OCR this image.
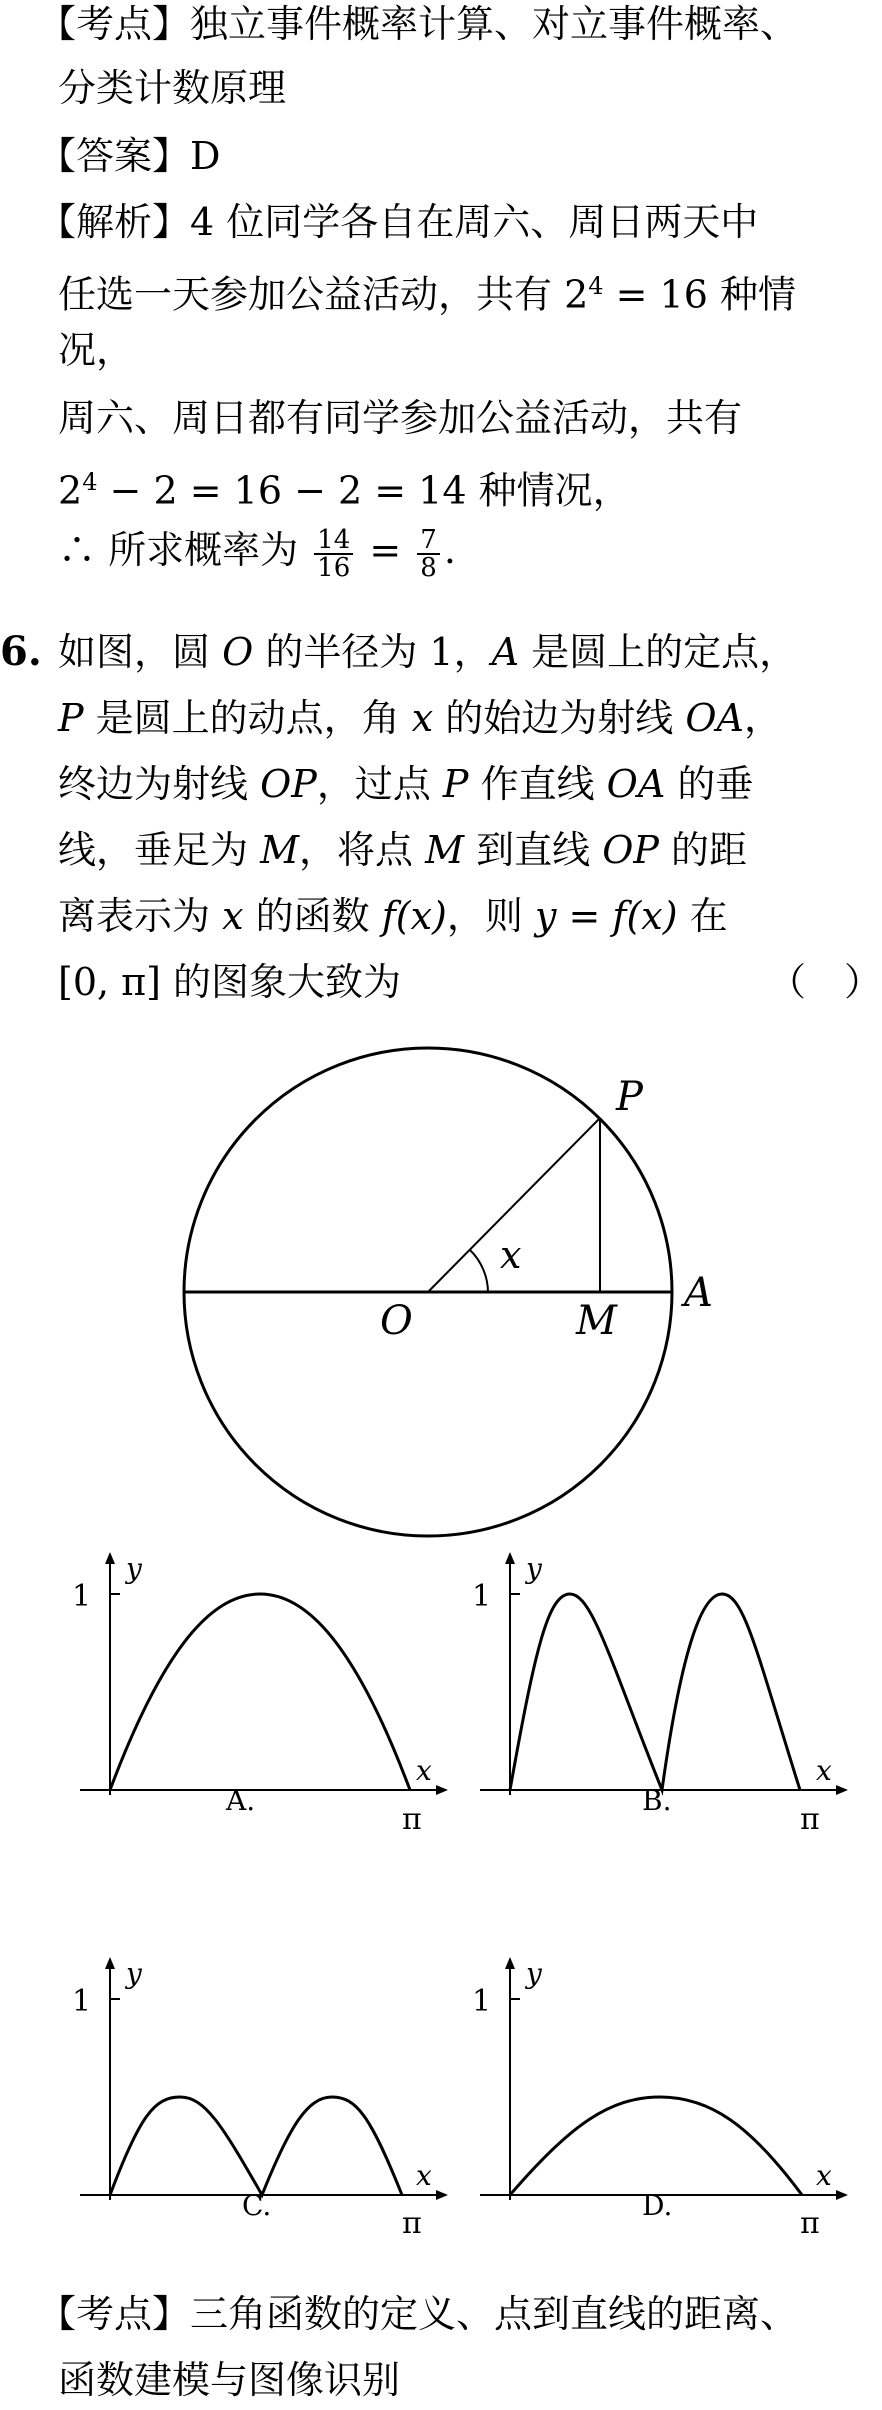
【考点】独立事件概率计算、对立事件概率、
分类计数原理
【答案】D
【解析】4 位同学各自在周六、周日两天中
任选一天参加公益活动，共有 $2^4 = 16$ 种情
况，
周六、周日都有同学参加公益活动，共有
$2^4 - 2 = 16 - 2 = 14$ 种情况，
∴ 所求概率为 $\frac{14}{16} = \frac{7}{8}$ .
6. 如图，圆 O 的半径为 1，A 是圆上的定点，
P 是圆上的动点，角 x 的始边为射线 OA，
终边为射线 OP，过点 P 作直线 OA 的垂
线，垂足为 M，将点 M 到直线 OP 的距
离表示为 x 的函数 f(x)，则 y = f(x) 在
[0, π] 的图象大致为	（　）
P
A
O	M
x
y
1
x
A.
π
y
1
x
B.
π
y
1
x
C.
π
y
1
x
D.
π
【考点】三角函数的定义、点到直线的距离、
函数建模与图像识别
